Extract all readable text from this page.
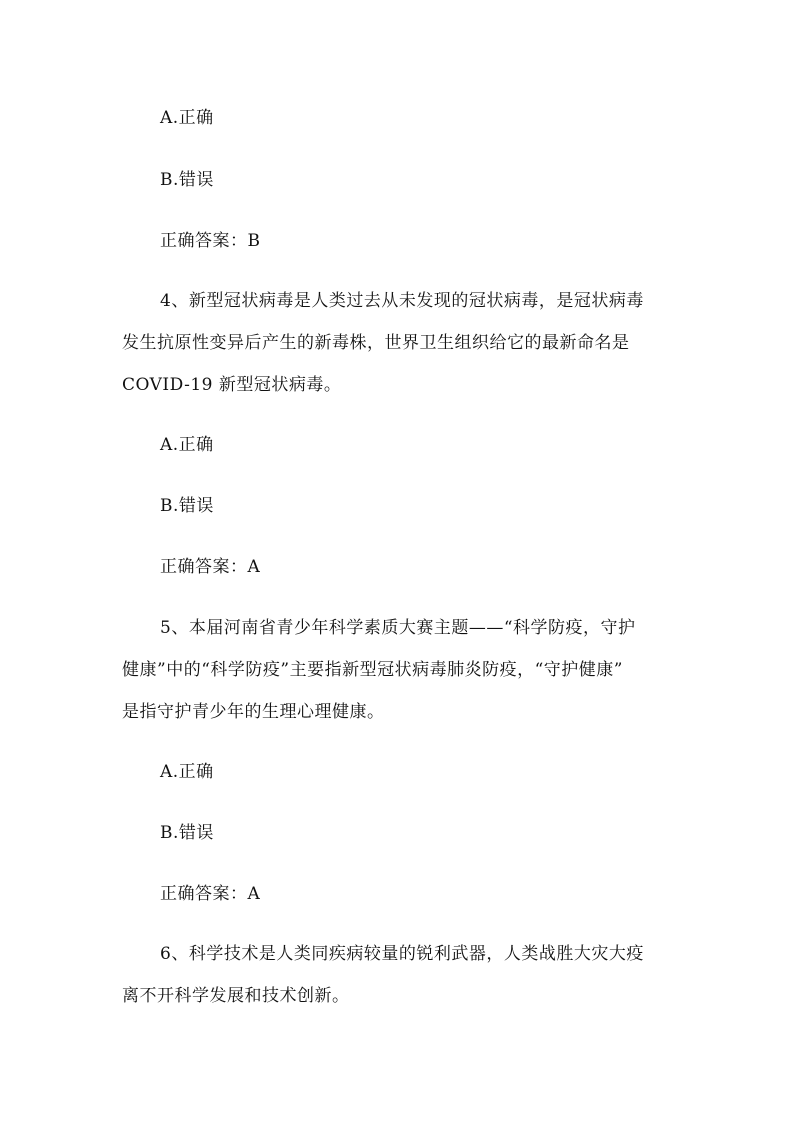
A.正确
B.错误
正确答案：B
4、新型冠状病毒是人类过去从未发现的冠状病毒，是冠状病毒
发生抗原性变异后产生的新毒株，世界卫生组织给它的最新命名是
COVID-19 新型冠状病毒。
A.正确
B.错误
正确答案：A
5、本届河南省青少年科学素质大赛主题——“科学防疫，守护
健康”中的“科学防疫”主要指新型冠状病毒肺炎防疫，“守护健康”
是指守护青少年的生理心理健康。
A.正确
B.错误
正确答案：A
6、科学技术是人类同疾病较量的锐利武器，人类战胜大灾大疫
离不开科学发展和技术创新。
